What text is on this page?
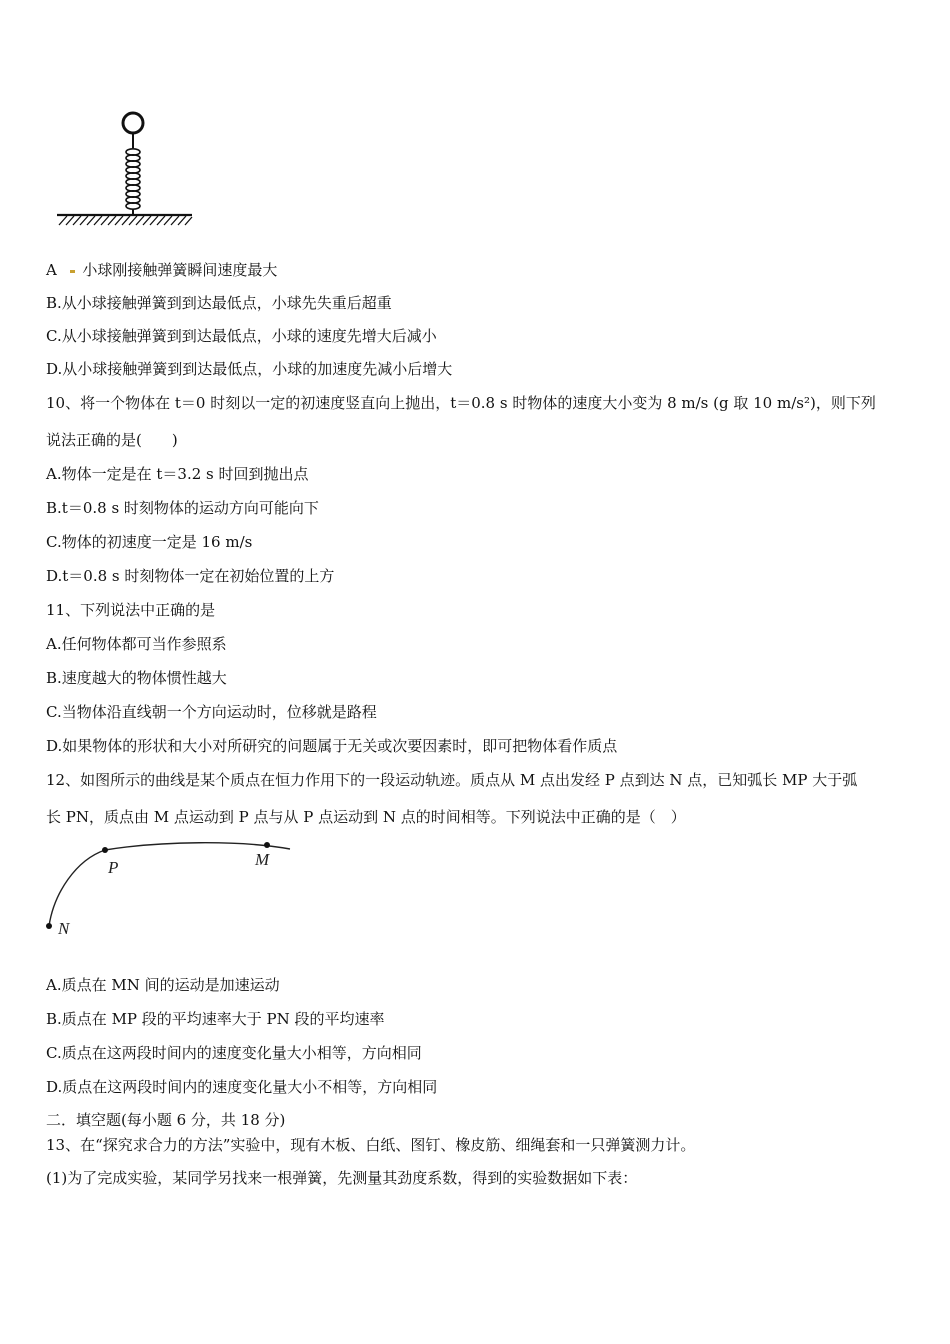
A 小球刚接触弹簧瞬间速度最大
B.从小球接触弹簧到到达最低点，小球先失重后超重
C.从小球接触弹簧到到达最低点，小球的速度先增大后减小
D.从小球接触弹簧到到达最低点，小球的加速度先减小后增大
10、将一个物体在 t＝0 时刻以一定的初速度竖直向上抛出，t＝0.8 s 时物体的速度大小变为 8 m/s (g 取 10 m/s²)，则下列
说法正确的是(　　)
A.物体一定是在 t＝3.2 s 时回到抛出点
B.t＝0.8 s 时刻物体的运动方向可能向下
C.物体的初速度一定是 16 m/s
D.t＝0.8 s 时刻物体一定在初始位置的上方
11、下列说法中正确的是
A.任何物体都可当作参照系
B.速度越大的物体惯性越大
C.当物体沿直线朝一个方向运动时，位移就是路程
D.如果物体的形状和大小对所研究的问题属于无关或次要因素时，即可把物体看作质点
12、如图所示的曲线是某个质点在恒力作用下的一段运动轨迹。质点从 M 点出发经 P 点到达 N 点，已知弧长 MP 大于弧
长 PN，质点由 M 点运动到 P 点与从 P 点运动到 N 点的时间相等。下列说法中正确的是（　）
P	M
N
A.质点在 MN 间的运动是加速运动
B.质点在 MP 段的平均速率大于 PN 段的平均速率
C.质点在这两段时间内的速度变化量大小相等，方向相同
D.质点在这两段时间内的速度变化量大小不相等，方向相同
二．填空题(每小题 6 分，共 18 分)
13、在“探究求合力的方法”实验中，现有木板、白纸、图钉、橡皮筋、细绳套和一只弹簧测力计。
(1)为了完成实验，某同学另找来一根弹簧，先测量其劲度系数，得到的实验数据如下表：
